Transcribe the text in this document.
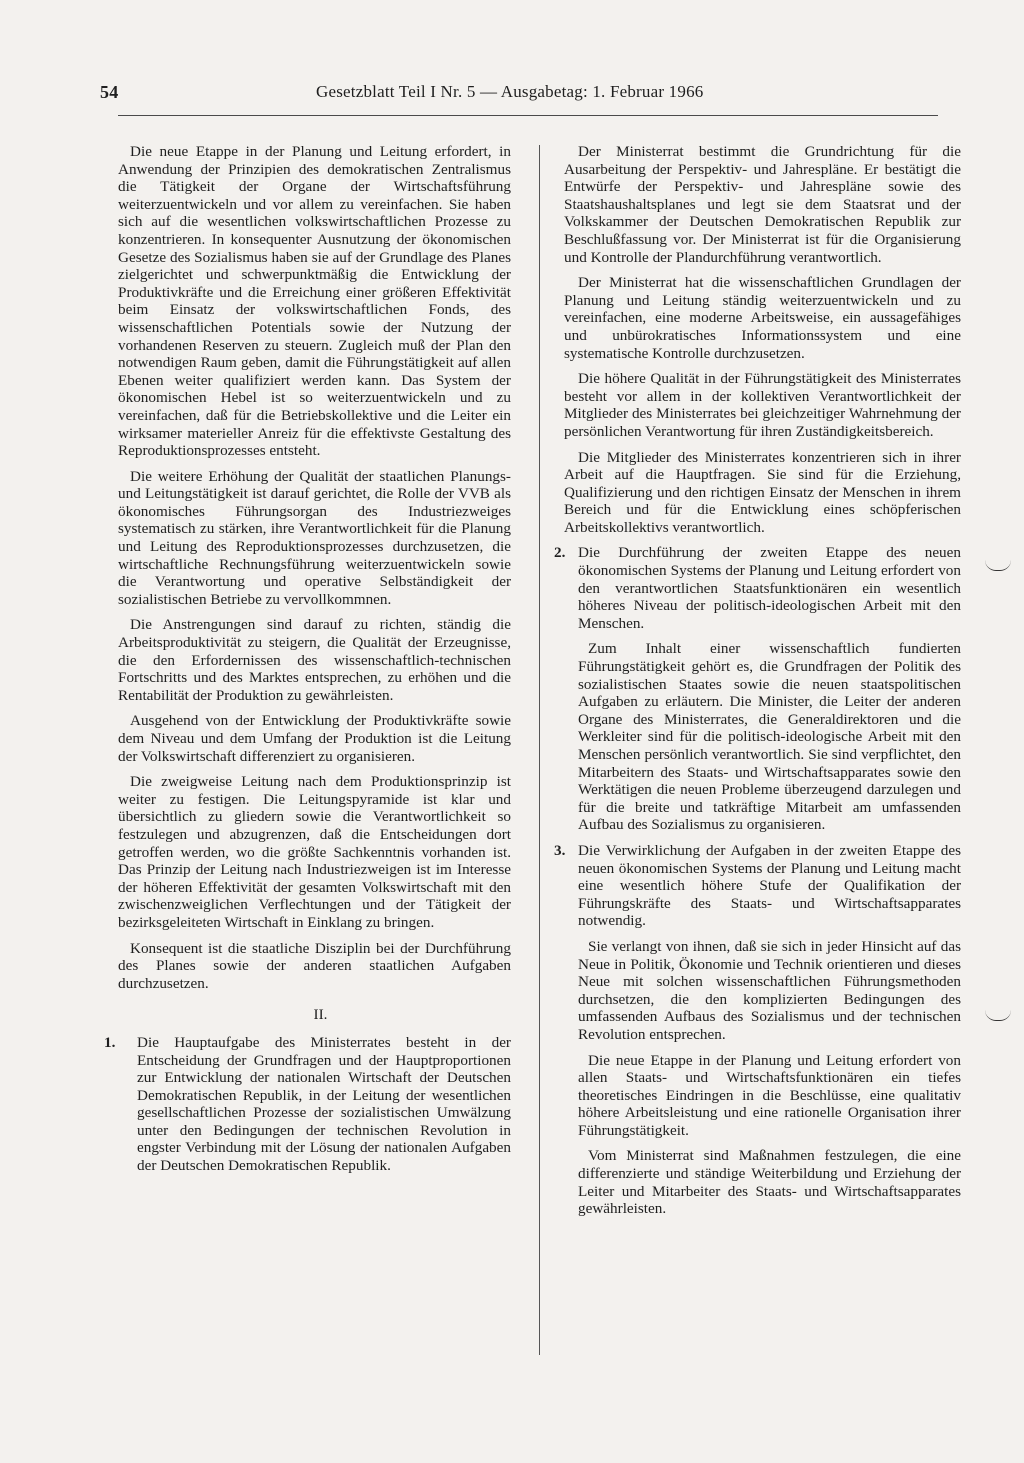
54	Gesetzblatt Teil I Nr. 5 — Ausgabetag: 1. Februar 1966

Die neue Etappe in der Planung und Leitung erfordert, in Anwendung der Prinzipien des demokratischen Zentralismus die Tätigkeit der Organe der Wirtschaftsführung weiterzuentwickeln und vor allem zu vereinfachen. Sie haben sich auf die wesentlichen volkswirtschaftlichen Prozesse zu konzentrieren. In konsequenter Ausnutzung der ökonomischen Gesetze des Sozialismus haben sie auf der Grundlage des Planes zielgerichtet und schwerpunktmäßig die Entwicklung der Produktivkräfte und die Erreichung einer größeren Effektivität beim Einsatz der volkswirtschaftlichen Fonds, des wissenschaftlichen Potentials sowie der Nutzung der vorhandenen Reserven zu steuern. Zugleich muß der Plan den notwendigen Raum geben, damit die Führungstätigkeit auf allen Ebenen weiter qualifiziert werden kann. Das System der ökonomischen Hebel ist so weiterzuentwickeln und zu vereinfachen, daß für die Betriebskollektive und die Leiter ein wirksamer materieller Anreiz für die effektivste Gestaltung des Reproduktionsprozesses entsteht.

Die weitere Erhöhung der Qualität der staatlichen Planungs- und Leitungstätigkeit ist darauf gerichtet, die Rolle der VVB als ökonomisches Führungsorgan des Industriezweiges systematisch zu stärken, ihre Verantwortlichkeit für die Planung und Leitung des Reproduktionsprozesses durchzusetzen, die wirtschaftliche Rechnungsführung weiterzuentwickeln sowie die Verantwortung und operative Selbständigkeit der sozialistischen Betriebe zu vervollkommnen.

Die Anstrengungen sind darauf zu richten, ständig die Arbeitsproduktivität zu steigern, die Qualität der Erzeugnisse, die den Erfordernissen des wissenschaftlich-technischen Fortschritts und des Marktes entsprechen, zu erhöhen und die Rentabilität der Produktion zu gewährleisten.

Ausgehend von der Entwicklung der Produktivkräfte sowie dem Niveau und dem Umfang der Produktion ist die Leitung der Volkswirtschaft differenziert zu organisieren.

Die zweigweise Leitung nach dem Produktionsprinzip ist weiter zu festigen. Die Leitungspyramide ist klar und übersichtlich zu gliedern sowie die Verantwortlichkeit so festzulegen und abzugrenzen, daß die Entscheidungen dort getroffen werden, wo die größte Sachkenntnis vorhanden ist. Das Prinzip der Leitung nach Industriezweigen ist im Interesse der höheren Effektivität der gesamten Volkswirtschaft mit den zwischenzweiglichen Verflechtungen und der Tätigkeit der bezirksgeleiteten Wirtschaft in Einklang zu bringen.

Konsequent ist die staatliche Disziplin bei der Durchführung des Planes sowie der anderen staatlichen Aufgaben durchzusetzen.

II.

1. Die Hauptaufgabe des Ministerrates besteht in der Entscheidung der Grundfragen und der Hauptproportionen zur Entwicklung der nationalen Wirtschaft der Deutschen Demokratischen Republik, in der Leitung der wesentlichen gesellschaftlichen Prozesse der sozialistischen Umwälzung unter den Bedingungen der technischen Revolution in engster Verbindung mit der Lösung der nationalen Aufgaben der Deutschen Demokratischen Republik.

Der Ministerrat bestimmt die Grundrichtung für die Ausarbeitung der Perspektiv- und Jahrespläne. Er bestätigt die Entwürfe der Perspektiv- und Jahrespläne sowie des Staatshaushaltsplanes und legt sie dem Staatsrat und der Volkskammer der Deutschen Demokratischen Republik zur Beschlußfassung vor. Der Ministerrat ist für die Organisierung und Kontrolle der Plandurchführung verantwortlich.

Der Ministerrat hat die wissenschaftlichen Grundlagen der Planung und Leitung ständig weiterzuentwickeln und zu vereinfachen, eine moderne Arbeitsweise, ein aussagefähiges und unbürokratisches Informationssystem und eine systematische Kontrolle durchzusetzen.

Die höhere Qualität in der Führungstätigkeit des Ministerrates besteht vor allem in der kollektiven Verantwortlichkeit der Mitglieder des Ministerrates bei gleichzeitiger Wahrnehmung der persönlichen Verantwortung für ihren Zuständigkeitsbereich.

Die Mitglieder des Ministerrates konzentrieren sich in ihrer Arbeit auf die Hauptfragen. Sie sind für die Erziehung, Qualifizierung und den richtigen Einsatz der Menschen in ihrem Bereich und für die Entwicklung eines schöpferischen Arbeitskollektivs verantwortlich.

2. Die Durchführung der zweiten Etappe des neuen ökonomischen Systems der Planung und Leitung erfordert von den verantwortlichen Staatsfunktionären ein wesentlich höheres Niveau der politisch-ideologischen Arbeit mit den Menschen.

Zum Inhalt einer wissenschaftlich fundierten Führungstätigkeit gehört es, die Grundfragen der Politik des sozialistischen Staates sowie die neuen staatspolitischen Aufgaben zu erläutern. Die Minister, die Leiter der anderen Organe des Ministerrates, die Generaldirektoren und die Werkleiter sind für die politisch-ideologische Arbeit mit den Menschen persönlich verantwortlich. Sie sind verpflichtet, den Mitarbeitern des Staats- und Wirtschaftsapparates sowie den Werktätigen die neuen Probleme überzeugend darzulegen und für die breite und tatkräftige Mitarbeit am umfassenden Aufbau des Sozialismus zu organisieren.

3. Die Verwirklichung der Aufgaben in der zweiten Etappe des neuen ökonomischen Systems der Planung und Leitung macht eine wesentlich höhere Stufe der Qualifikation der Führungskräfte des Staats- und Wirtschaftsapparates notwendig.

Sie verlangt von ihnen, daß sie sich in jeder Hinsicht auf das Neue in Politik, Ökonomie und Technik orientieren und dieses Neue mit solchen wissenschaftlichen Führungsmethoden durchsetzen, die den komplizierten Bedingungen des umfassenden Aufbaus des Sozialismus und der technischen Revolution entsprechen.

Die neue Etappe in der Planung und Leitung erfordert von allen Staats- und Wirtschaftsfunktionären ein tiefes theoretisches Eindringen in die Beschlüsse, eine qualitativ höhere Arbeitsleistung und eine rationelle Organisation ihrer Führungstätigkeit.

Vom Ministerrat sind Maßnahmen festzulegen, die eine differenzierte und ständige Weiterbildung und Erziehung der Leiter und Mitarbeiter des Staats- und Wirtschaftsapparates gewährleisten.
